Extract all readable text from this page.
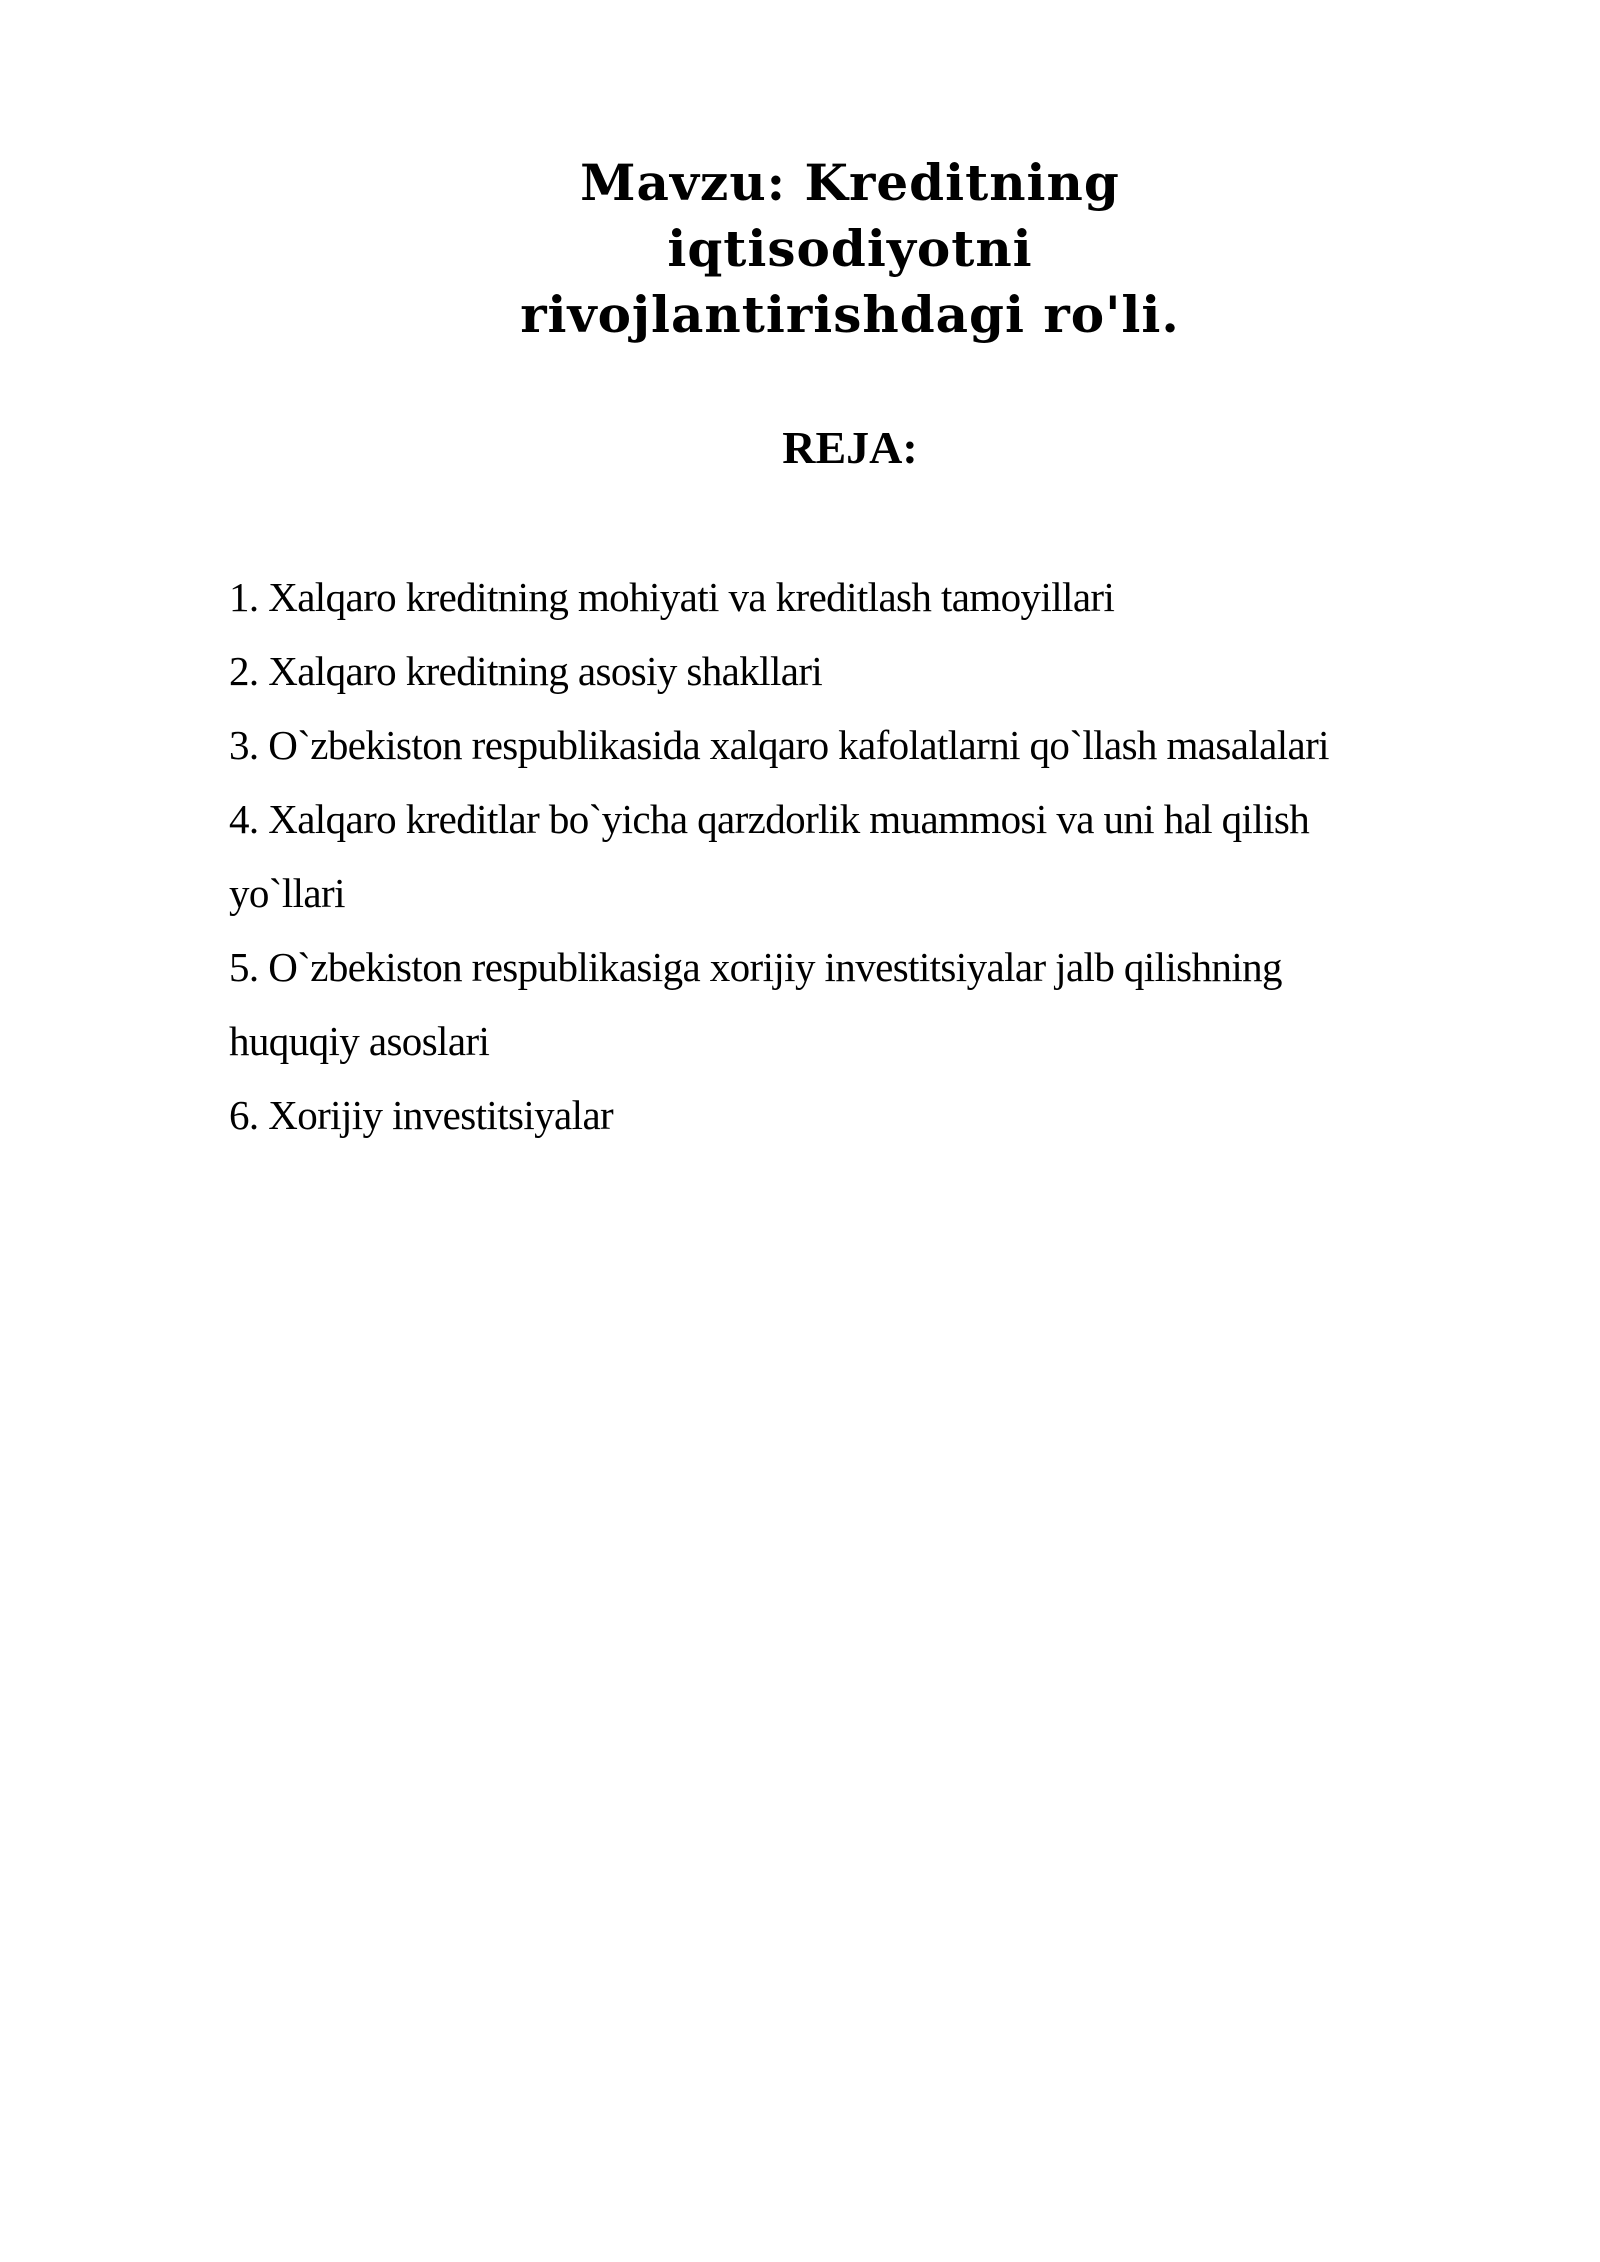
Mavzu: Kreditning iqtisodiyotni rivojlantirishdagi ro'li.
REJA:
1. Xalqaro kreditning mohiyati va kreditlash tamoyillari
2. Xalqaro kreditning asosiy shakllari
3. O`zbekiston respublikasida xalqaro kafolatlarni qo`llash masalalari
4. Xalqaro kreditlar bo`yicha qarzdorlik muammosi va uni hal qilish yo`llari
5. O`zbekiston respublikasiga xorijiy investitsiyalar jalb qilishning huquqiy asoslari
6. Xorijiy investitsiyalar
